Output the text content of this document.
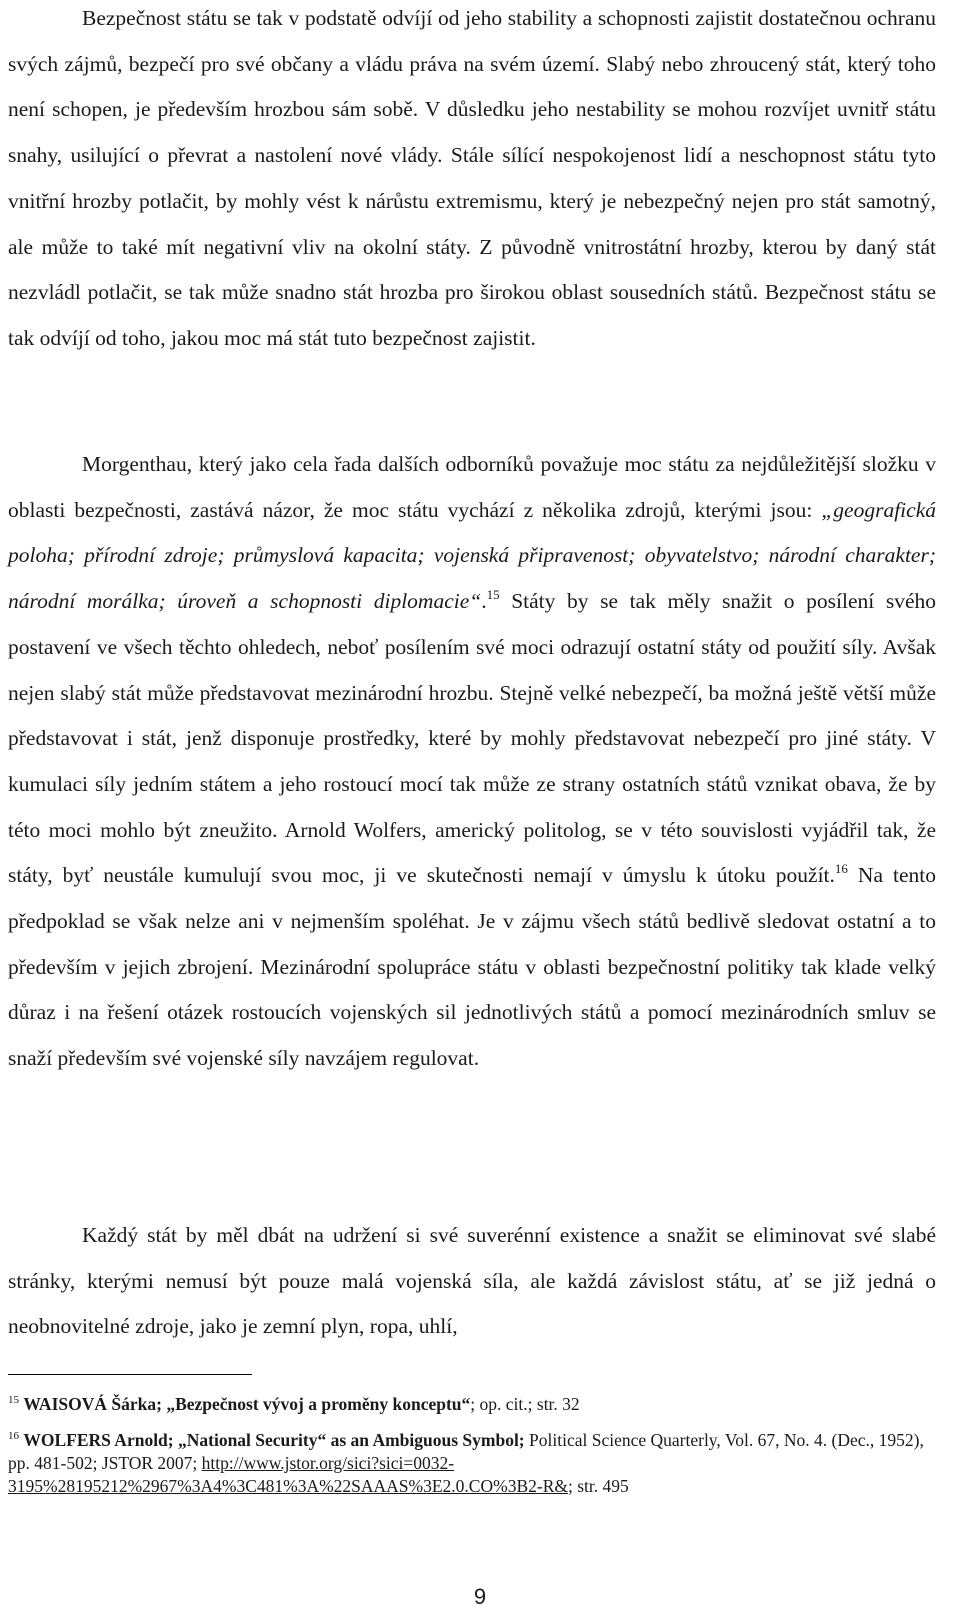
Bezpečnost státu se tak v podstatě odvíjí od jeho stability a schopnosti zajistit dostatečnou ochranu svých zájmů, bezpečí pro své občany a vládu práva na svém území. Slabý nebo zhroucený stát, který toho není schopen, je především hrozbou sám sobě. V důsledku jeho nestability se mohou rozvíjet uvnitř státu snahy, usilující o převrat a nastolení nové vlády. Stále sílící nespokojenost lidí a neschopnost státu tyto vnitřní hrozby potlačit, by mohly vést k nárůstu extremismu, který je nebezpečný nejen pro stát samotný, ale může to také mít negativní vliv na okolní státy. Z původně vnitrostátní hrozby, kterou by daný stát nezvládl potlačit, se tak může snadno stát hrozba pro širokou oblast sousedních států. Bezpečnost státu se tak odvíjí od toho, jakou moc má stát tuto bezpečnost zajistit.

Morgenthau, který jako cela řada dalších odborníků považuje moc státu za nejdůležitější složku v oblasti bezpečnosti, zastává názor, že moc státu vychází z několika zdrojů, kterými jsou: „geografická poloha; přírodní zdroje; průmyslová kapacita; vojenská připravenost; obyvatelstvo; národní charakter; národní morálka; úroveň a schopnosti diplomacie“.$^{15}$ Státy by se tak měly snažit o posílení svého postavení ve všech těchto ohledech, neboť posílením své moci odrazují ostatní státy od použití síly. Avšak nejen slabý stát může představovat mezinárodní hrozbu. Stejně velké nebezpečí, ba možná ještě větší může představovat i stát, jenž disponuje prostředky, které by mohly představovat nebezpečí pro jiné státy. V kumulaci síly jedním státem a jeho rostoucí mocí tak může ze strany ostatních států vznikat obava, že by této moci mohlo být zneužito. Arnold Wolfers, americký politolog, se v této souvislosti vyjádřil tak, že státy, byť neustále kumulují svou moc, ji ve skutečnosti nemají v úmyslu k útoku použít.$^{16}$ Na tento předpoklad se však nelze ani v nejmenším spoléhat. Je v zájmu všech států bedlivě sledovat ostatní a to především v jejich zbrojení. Mezinárodní spolupráce státu v oblasti bezpečnostní politiky tak klade velký důraz i na řešení otázek rostoucích vojenských sil jednotlivých států a pomocí mezinárodních smluv se snaží především své vojenské síly navzájem regulovat.

Každý stát by měl dbát na udržení si své suverénní existence a snažit se eliminovat své slabé stránky, kterými nemusí být pouze malá vojenská síla, ale každá závislost státu, ať se již jedná o neobnovitelné zdroje, jako je zemní plyn, ropa, uhlí,

$^{15}$ WAISOVÁ Šárka; „Bezpečnost vývoj a proměny konceptu“; op. cit.; str. 32

$^{16}$ WOLFERS Arnold; „National Security“ as an Ambiguous Symbol; Political Science Quarterly, Vol. 67, No. 4. (Dec., 1952), pp. 481-502; JSTOR 2007; http://www.jstor.org/sici?sici=0032-3195%28195212%2967%3A4%3C481%3A%22SAAAS%3E2.0.CO%3B2-R&; str. 495

9
